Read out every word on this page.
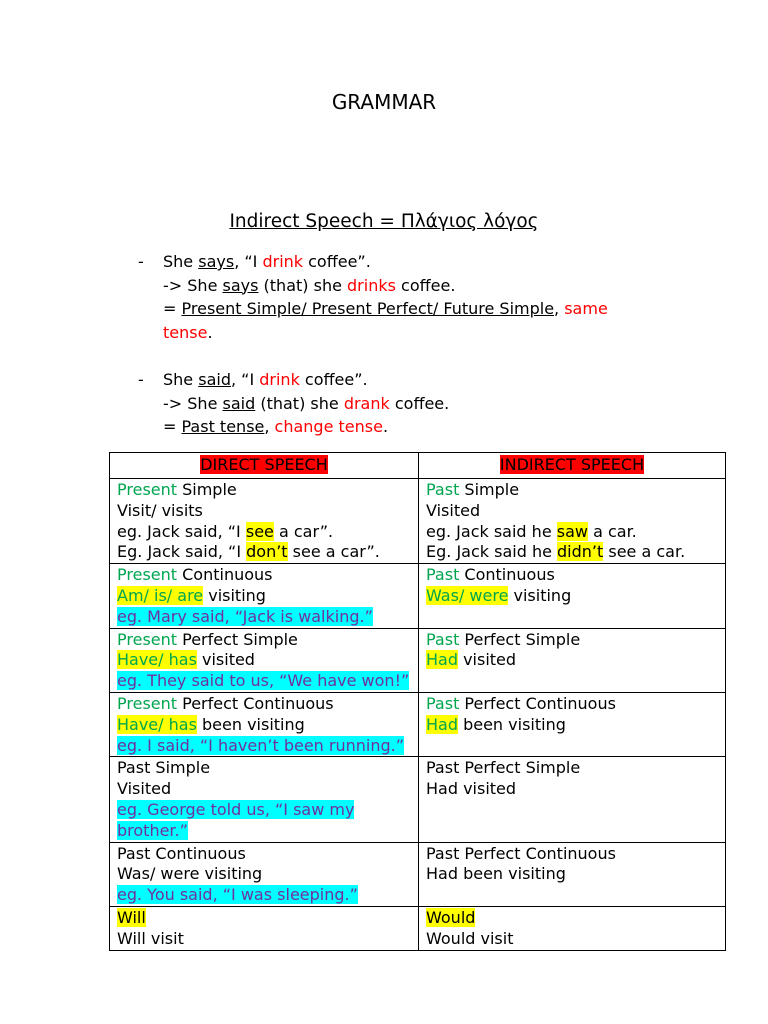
GRAMMAR
Indirect Speech = Πλάγιος λόγος
- She says, “I drink coffee”.
-> She says (that) she drinks coffee.
= Present Simple/ Present Perfect/ Future Simple, same tense.
- She said, “I drink coffee”.
-> She said (that) she drank coffee.
= Past tense, change tense.
DIRECT SPEECH	INDIRECT SPEECH

Present Simple
Visit/ visits
eg. Jack said, “I see a car”.
Eg. Jack said, “I don’t see a car”.	Past Simple
Visited
eg. Jack said he saw a car.
Eg. Jack said he didn’t see a car.

Present Continuous
Am/ is/ are visiting
eg. Mary said, “Jack is walking.”	Past Continuous
Was/ were visiting

Present Perfect Simple
Have/ has visited
eg. They said to us, “We have won!”	Past Perfect Simple
Had visited

Present Perfect Continuous
Have/ has been visiting
eg. I said, “I haven’t been running.”	Past Perfect Continuous
Had been visiting

Past Simple
Visited
eg. George told us, “I saw my
brother.”	Past Perfect Simple
Had visited

Past Continuous
Was/ were visiting
eg. You said, “I was sleeping.”	Past Perfect Continuous
Had been visiting

Will
Will visit	Would
Would visit
